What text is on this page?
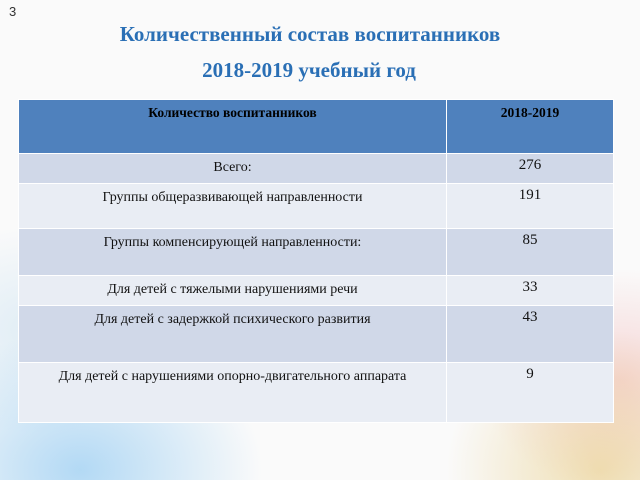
3
Количественный состав воспитанников
2018-2019 учебный год
Количество воспитанников	2018-2019
Всего:	276
Группы общеразвивающей направленности	191
Группы компенсирующей направленности:	85
Для детей с тяжелыми нарушениями речи	33
Для детей с задержкой психического развития	43
Для детей с нарушениями опорно-двигательного аппарата	9
